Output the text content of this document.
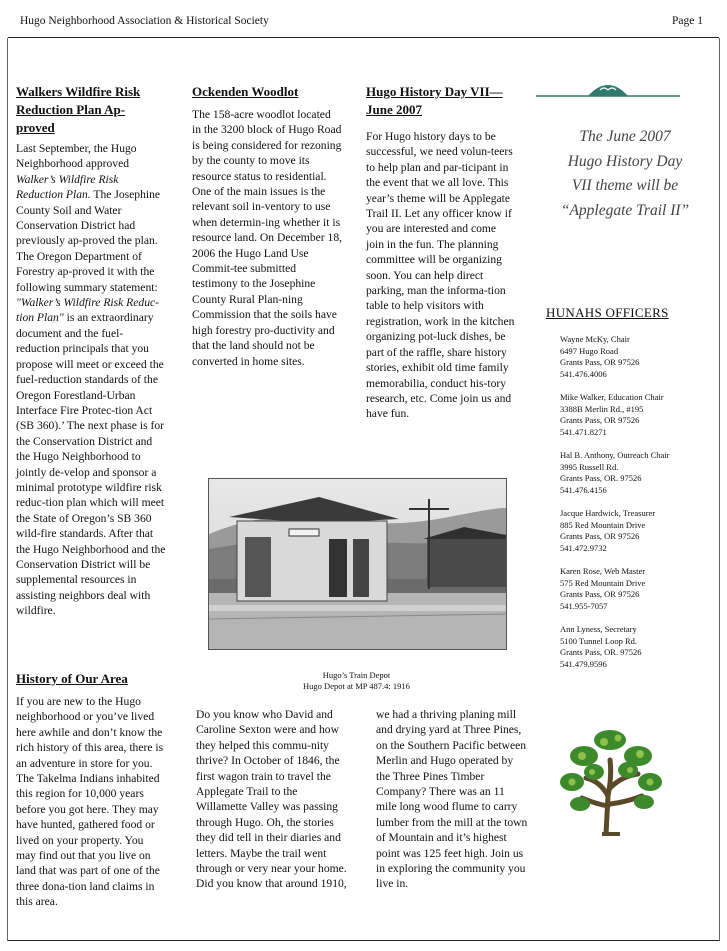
Hugo Neighborhood Association & Historical Society	Page 1
Walkers Wildfire Risk
Reduction Plan Ap-
proved

Last September, the Hugo Neighborhood approved Walker’s Wildfire Risk Reduction Plan. The Josephine County Soil and Water Conservation District had previously ap-proved the plan. The Oregon Department of Forestry ap-proved it with the following summary statement:
"Walker’s Wildfire Risk Reduc-tion Plan" is an extraordinary document and the fuel-reduction principals that you propose will meet or exceed the fuel-reduction standards of the Oregon Forestland-Urban Interface Fire Protec-tion Act (SB 360).’ The next phase is for the Conservation District and the Hugo Neighborhood to jointly de-velop and sponsor a minimal prototype wildfire risk reduc-tion plan which will meet the State of Oregon’s SB 360 wild-fire standards. After that the Hugo Neighborhood and the Conservation District will be supplemental resources in assisting neighbors deal with wildfire.

History of Our Area

If you are new to the Hugo neighborhood or you’ve lived here awhile and don’t know the rich history of this area, there is an adventure in store for you. The Takelma Indians inhabited this region for 10,000 years before you got here. They may have hunted, gathered food or lived on your property. You may find out that you live on land that was part of one of the three dona-tion land claims in this area.

Ockenden Woodlot

The 158-acre woodlot located in the 3200 block of Hugo Road is being considered for rezoning by the county to move its resource status to residential. One of the main issues is the relevant soil in-ventory to use when determin-ing whether it is resource land. On December 18, 2006 the Hugo Land Use Commit-tee submitted testimony to the Josephine County Rural Plan-ning Commission that the soils have high forestry pro-ductivity and that the land should not be converted in home sites.

Hugo History Day VII—
June 2007

For Hugo history days to be successful, we need volun-teers to help plan and par-ticipant in the event that we all love. This year’s theme will be Applegate Trail II. Let any officer know if you are interested and come join in the fun. The planning committee will be organizing soon. You can help direct parking, man the informa-tion table to help visitors with registration, work in the kitchen organizing pot-luck dishes, be part of the raffle, share history stories, exhibit old time family memorabilia, conduct his-tory research, etc. Come join us and have fun.

Hugo’s Train Depot
Hugo Depot at MP 487.4: 1916

Do you know who David and Caroline Sexton were and how they helped this commu-nity thrive? In October of 1846, the first wagon train to travel the Applegate Trail to the Willamette Valley was passing through Hugo. Oh, the stories they did tell in their diaries and letters. Maybe the trail went through or very near your home. Did you know that around 1910,

we had a thriving planing mill and drying yard at Three Pines, on the Southern Pacific between Merlin and Hugo operated by the Three Pines Timber Company? There was an 11 mile long wood flume to carry lumber from the mill at the town of Mountain and it’s highest point was 125 feet high. Join us in exploring the community you live in.

The June 2007
Hugo History Day
VII theme will be
“Applegate Trail II”
HUNAHS OFFICERS
Wayne McKy, Chair
6497 Hugo Road
Grants Pass, OR 97526
541.476.4006
Mike Walker, Education Chair
3388B Merlin Rd., #195
Grants Pass, OR 97526
541.471.8271
Hal B. Anthony, Outreach Chair
3995 Russell Rd.
Grants Pass, OR. 97526
541.476.4156
Jacque Hardwick, Treasurer
885 Red Mountain Drive
Grants Pass, OR 97526
541.472.9732
Karen Rose, Web Master
575 Red Mountain Drive
Grants Pass, OR 97526
541.955-7057
Ann Lyness, Secretary
5100 Tunnel Loop Rd.
Grants Pass, OR. 97526
541.479.9596
